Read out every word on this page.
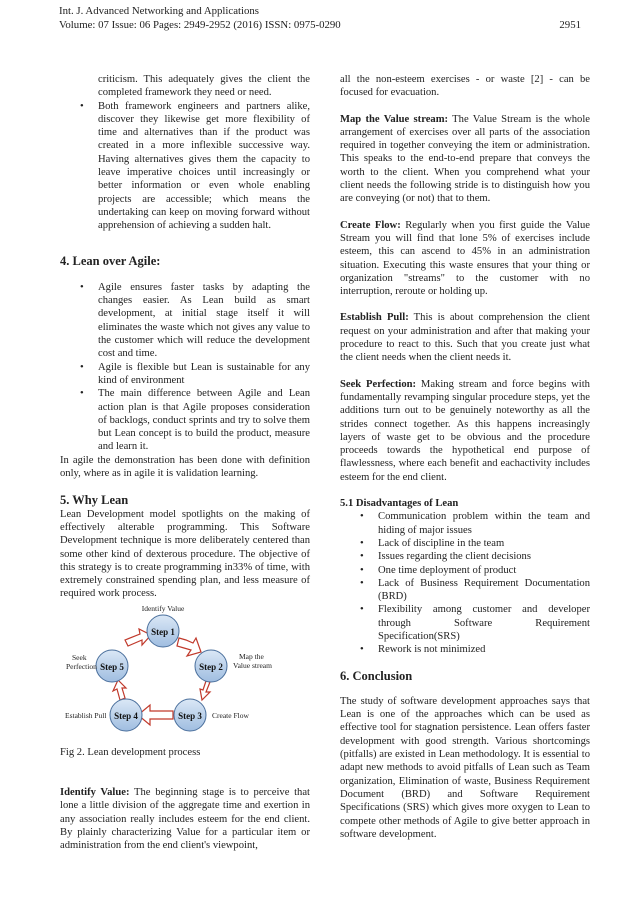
Int. J. Advanced Networking and Applications
Volume: 07 Issue: 06 Pages: 2949-2952 (2016) ISSN: 0975-0290	2951

criticism. This adequately gives the client the completed framework they need or need.

• Both framework engineers and partners alike, discover they likewise get more flexibility of time and alternatives than if the product was created in a more inflexible successive way. Having alternatives gives them the capacity to leave imperative choices until increasingly or better information or even whole enabling projects are accessible; which means the undertaking can keep on moving forward without apprehension of achieving a sudden halt.
4. Lean over Agile:
• Agile ensures faster tasks by adapting the changes easier. As Lean build as smart development, at initial stage itself it will eliminates the waste which not gives any value to the customer which will reduce the development cost and time.
• Agile is flexible but Lean is sustainable for any kind of environment
• The main difference between Agile and Lean action plan is that Agile proposes consideration of backlogs, conduct sprints and try to solve them but Lean concept is to build the product, measure and learn it.

In agile the demonstration has been done with definition only, where as in agile it is validation learning.

5. Why Lean

Lean Development model spotlights on the making of effectively alterable programming. This Software Development technique is more deliberately centered than some other kind of dexterous procedure. The objective of this strategy is to create programming in33% of time, with extremely constrained spending plan, and less measure of required work process.

Step 1
Step 2
Step 3
Step 4
Step 5
Identify Value
Map the
Value stream
Create Flow
Establish Pull
Seek
Perfection

Fig 2. Lean development process

Identify Value: The beginning stage is to perceive that lone a little division of the aggregate time and exertion in any association really includes esteem for the end client. By plainly characterizing Value for a particular item or administration from the end client's viewpoint,

all the non-esteem exercises - or waste [2] - can be focused for evacuation.

Map the Value stream: The Value Stream is the whole arrangement of exercises over all parts of the association required in together conveying the item or administration. This speaks to the end-to-end prepare that conveys the worth to the client. When you comprehend what your client needs the following stride is to distinguish how you are conveying (or not) that to them.

Create Flow: Regularly when you first guide the Value Stream you will find that lone 5% of exercises include esteem, this can ascend to 45% in an administration situation. Executing this waste ensures that your thing or organization "streams" to the customer with no interruption, reroute or holding up.

Establish Pull: This is about comprehension the client request on your administration and after that making your procedure to react to this. Such that you create just what the client needs when the client needs it.

Seek Perfection: Making stream and force begins with fundamentally revamping singular procedure steps, yet the additions turn out to be genuinely noteworthy as all the strides connect together. As this happens increasingly layers of waste get to be obvious and the procedure proceeds towards the hypothetical end purpose of flawlessness, where each benefit and eachactivity includes esteem for the end client.

5.1 Disadvantages of Lean
• Communication problem within the team and hiding of major issues
• Lack of discipline in the team
• Issues regarding the client decisions
• One time deployment of product
• Lack of Business Requirement Documentation (BRD)
• Flexibility among customer and developer through Software Requirement Specification(SRS)
• Rework is not minimized
6. Conclusion

The study of software development approaches says that Lean is one of the approaches which can be used as effective tool for stagnation persistence. Lean offers faster development with good strength. Various shortcomings (pitfalls) are existed in Lean methodology. It is essential to adapt new methods to avoid pitfalls of Lean such as Team organization, Elimination of waste, Business Requirement Document (BRD) and Software Requirement Specifications (SRS) which gives more oxygen to Lean to compete other methods of Agile to give better approach in software development.
